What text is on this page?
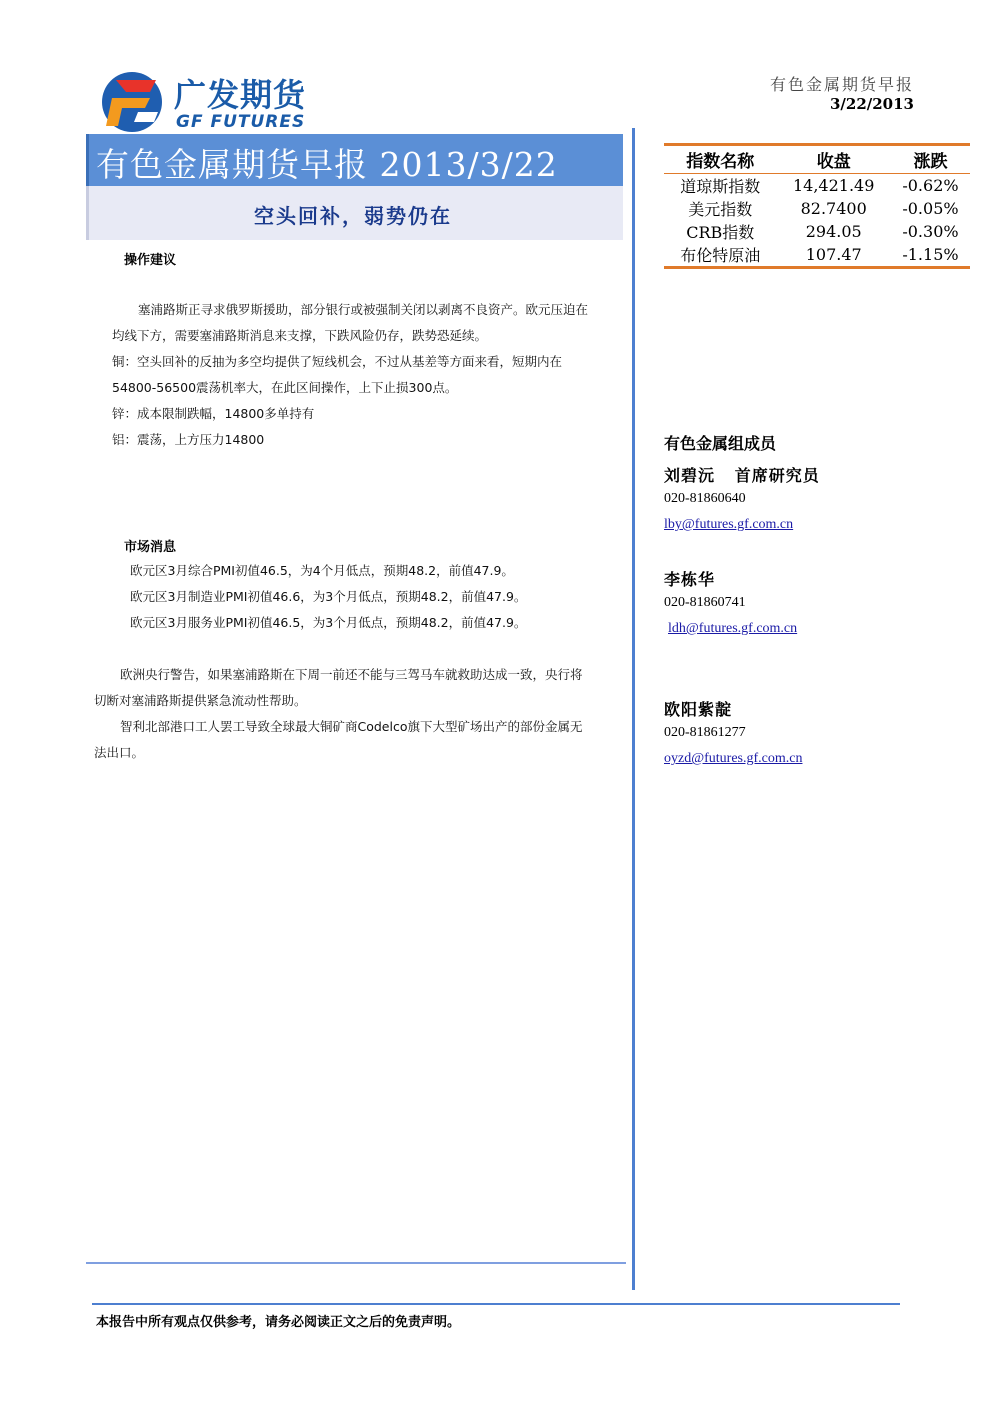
广发期货
GF FUTURES
有色金属期货早报
3/22/2013
有色金属期货早报 2013/3/22
空头回补，弱势仍在
指数名称	收盘	涨跌
道琼斯指数	14,421.49	-0.62%
美元指数	82.7400	-0.05%
CRB指数	294.05	-0.30%
布伦特原油	107.47	-1.15%
操作建议

塞浦路斯正寻求俄罗斯援助，部分银行或被强制关闭以剥离不良资产。欧元压迫在

均线下方，需要塞浦路斯消息来支撑，下跌风险仍存，跌势恐延续。

铜：空头回补的反抽为多空均提供了短线机会，不过从基差等方面来看，短期内在

54800-56500震荡机率大，在此区间操作，上下止损300点。

锌：成本限制跌幅，14800多单持有

铝：震荡，上方压力14800

市场消息

欧元区3月综合PMI初值46.5，为4个月低点，预期48.2，前值47.9。

欧元区3月制造业PMI初值46.6，为3个月低点，预期48.2，前值47.9。

欧元区3月服务业PMI初值46.5，为3个月低点，预期48.2，前值47.9。

欧洲央行警告，如果塞浦路斯在下周一前还不能与三驾马车就救助达成一致，央行将

切断对塞浦路斯提供紧急流动性帮助。

智利北部港口工人罢工导致全球最大铜矿商Codelco旗下大型矿场出产的部份金属无

法出口。

有色金属组成员
刘碧沅   首席研究员
020-81860640
lby@futures.gf.com.cn
李栋华
020-81860741
ldh@futures.gf.com.cn
欧阳紫靛
020-81861277
oyzd@futures.gf.com.cn
本报告中所有观点仅供参考，请务必阅读正文之后的免责声明。
